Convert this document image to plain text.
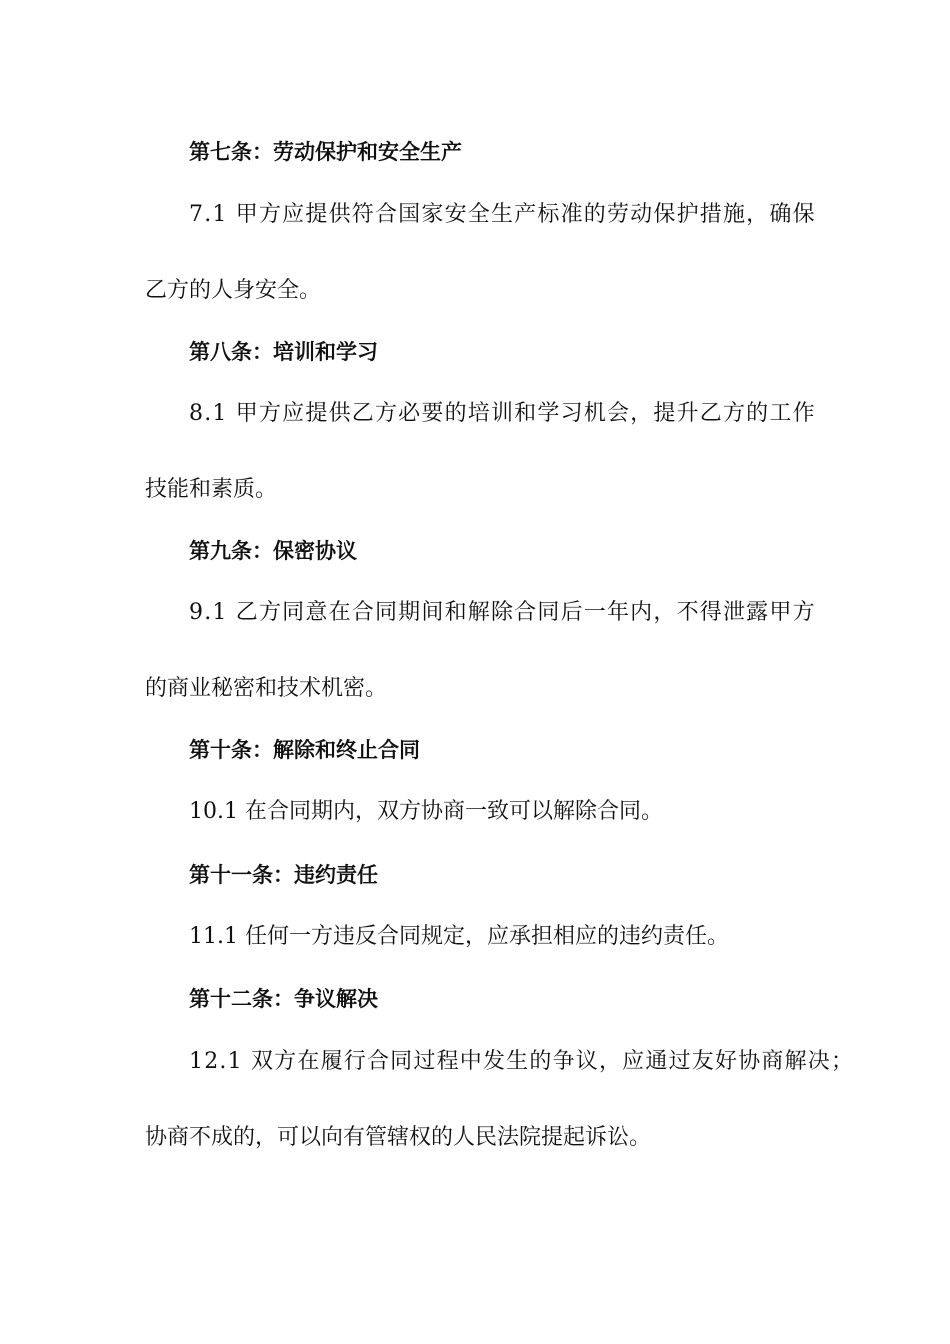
第七条：劳动保护和安全生产
7.1 甲方应提供符合国家安全生产标准的劳动保护措施，确保
乙方的人身安全。
第八条：培训和学习
8.1 甲方应提供乙方必要的培训和学习机会，提升乙方的工作
技能和素质。
第九条：保密协议
9.1 乙方同意在合同期间和解除合同后一年内，不得泄露甲方
的商业秘密和技术机密。
第十条：解除和终止合同
10.1 在合同期内，双方协商一致可以解除合同。
第十一条：违约责任
11.1 任何一方违反合同规定，应承担相应的违约责任。
第十二条：争议解决
12.1 双方在履行合同过程中发生的争议，应通过友好协商解决；
协商不成的，可以向有管辖权的人民法院提起诉讼。
